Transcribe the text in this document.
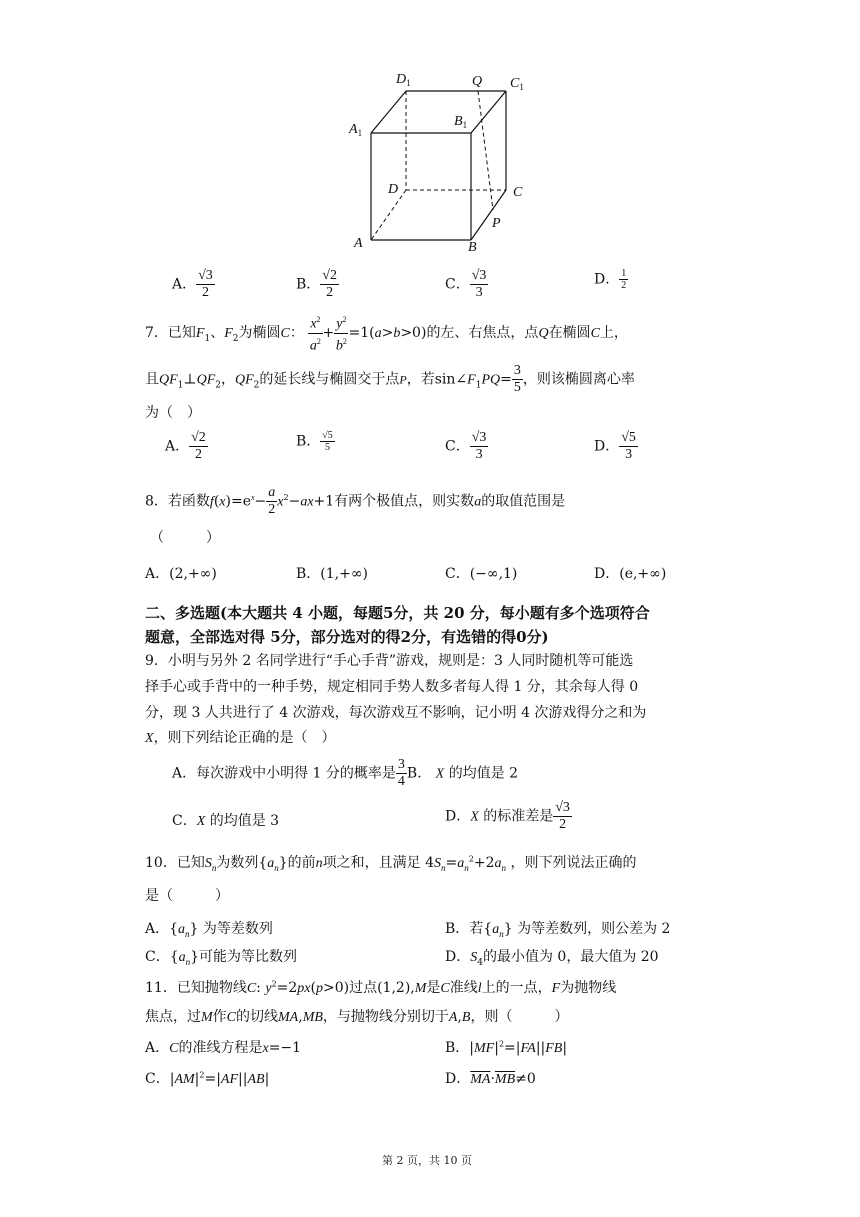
$D_1$	Q $C_1$
$A_1$
$B_1$
D	C
P
A	B
A． $\frac{√3}{2}$	B． $\frac{√2}{2}$	C． $\frac{√3}{3}$	D． $\frac{1}{2}$
7．已知$F_1$、$F_2$为椭圆C： $\frac{x^2}{a^2} + \frac{y^2}{b^2} =1(a>b>0)$的左、右焦点，点Q在椭圆C上，
且$QF_1\perp QF_2$，$QF_2$的延长线与椭圆交于点P，若$\sin\angle F_1PQ= \frac{3}{5}$ ，则该椭圆离心率
为（　）
A． $\frac{√2}{2}$	B． $\frac{√5}{5}$	C． $\frac{√3}{3}$	D． $\frac{√5}{3}$
8．若函数$f(x)=e^x- \frac{a}{2} x^2-ax+1$有两个极值点，则实数a的取值范围是
（　　　）
A．(2,+∞)	B．(1,+∞)	C．(−∞,1)	D．(e,+∞)
二、多选题(本大题共 4 小题，每题5分，共 20 分，每小题有多个选项符合
题意，全部选对得 5分，部分选对的得2分，有选错的得0分)
9．小明与另外 2 名同学进行“手心手背”游戏，规则是：3 人同时随机等可能选
择手心或手背中的一种手势，规定相同手势人数多者每人得 1 分，其余每人得 0
分，现 3 人共进行了 4 次游戏，每次游戏互不影响，记小明 4 次游戏得分之和为
X，则下列结论正确的是（　）
A．每次游戏中小明得 1 分的概率是 $\frac{3}{4}$ B． X 的均值是 2
C．X 的均值是 3	D．X 的标准差是 $\frac{√3}{2}$
10．已知$S_n$为数列$\{a_n\}$的前n项之和，且满足 $4S_n=a_n^2+2a_n$ ，则下列说法正确的
是（　　　）
A．$\{a_n\}$ 为等差数列	B．若$\{a_n\}$ 为等差数列，则公差为 2
C．$\{a_n\}$可能为等比数列	D．$S_4$的最小值为 0，最大值为 20
11．已知抛物线C: $y^2=2px(p>0)$过点(1,2),M是C准线l上的一点，F为抛物线
焦点，过M作C的切线MA,MB，与抛物线分别切于A,B，则（　　　）
A．C的准线方程是x=−1	B．$|MF|^2=|FA||FB|$
C．$|AM|^2=|AF||AB|$	D．$\overline{MA}\cdot\overline{MB}\ne 0$
第 2 页，共 10 页
